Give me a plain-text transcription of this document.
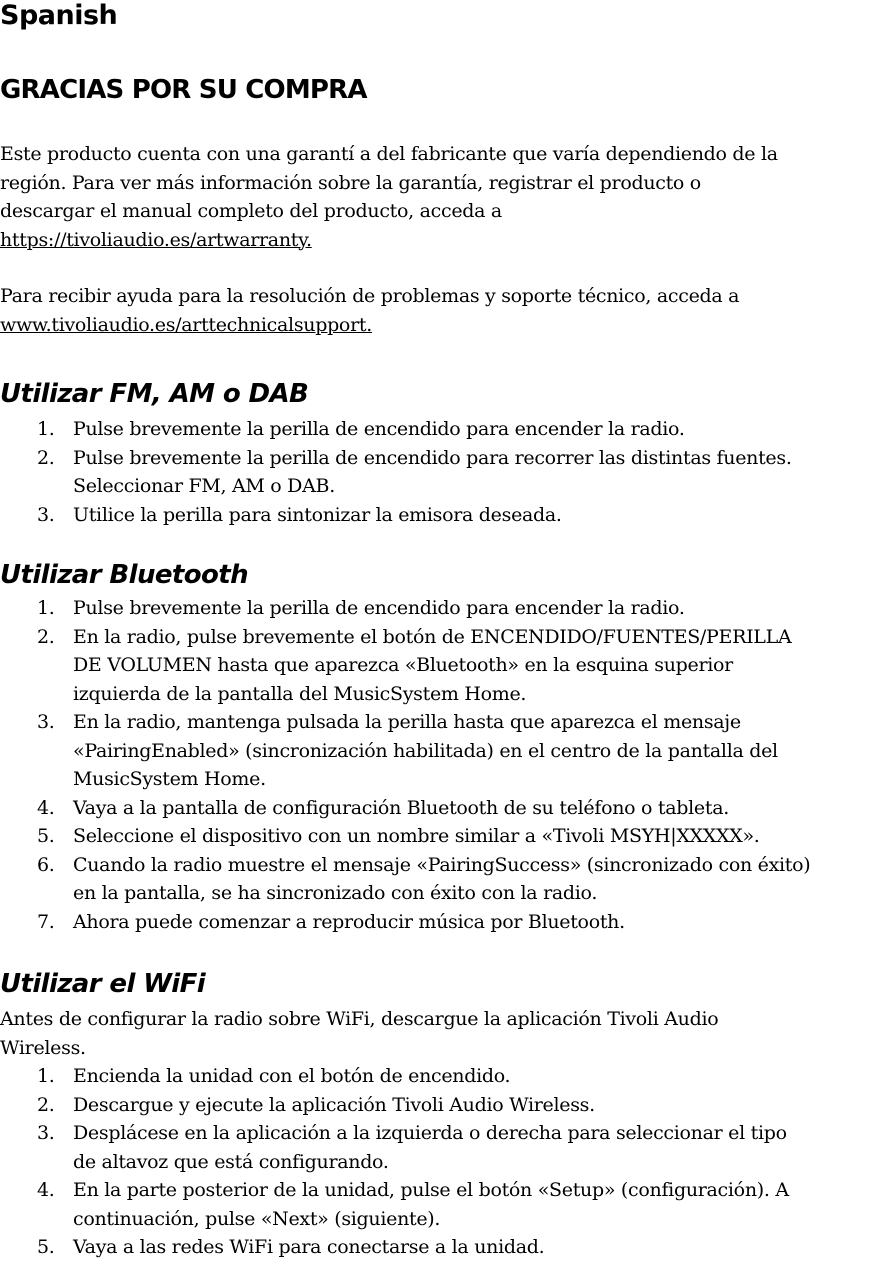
Spanish
GRACIAS POR SU COMPRA
Este producto cuenta con una garantí a del fabricante que varía dependiendo de la
región. Para ver más información sobre la garantía, registrar el producto o
descargar el manual completo del producto, acceda a
https://tivoliaudio.es/artwarranty.
Para recibir ayuda para la resolución de problemas y soporte técnico, acceda a
www.tivoliaudio.es/arttechnicalsupport.
Utilizar FM, AM o DAB
1. Pulse brevemente la perilla de encendido para encender la radio.
2. Pulse brevemente la perilla de encendido para recorrer las distintas fuentes.
Seleccionar FM, AM o DAB.
3. Utilice la perilla para sintonizar la emisora deseada.
Utilizar Bluetooth
1. Pulse brevemente la perilla de encendido para encender la radio.
2. En la radio, pulse brevemente el botón de ENCENDIDO/FUENTES/PERILLA
DE VOLUMEN hasta que aparezca «Bluetooth» en la esquina superior
izquierda de la pantalla del MusicSystem Home.
3. En la radio, mantenga pulsada la perilla hasta que aparezca el mensaje
«PairingEnabled» (sincronización habilitada) en el centro de la pantalla del
MusicSystem Home.
4. Vaya a la pantalla de configuración Bluetooth de su teléfono o tableta.
5. Seleccione el dispositivo con un nombre similar a «Tivoli MSYH|XXXXX».
6. Cuando la radio muestre el mensaje «PairingSuccess» (sincronizado con éxito)
en la pantalla, se ha sincronizado con éxito con la radio.
7. Ahora puede comenzar a reproducir música por Bluetooth.
Utilizar el WiFi
Antes de configurar la radio sobre WiFi, descargue la aplicación Tivoli Audio
Wireless.
1. Encienda la unidad con el botón de encendido.
2. Descargue y ejecute la aplicación Tivoli Audio Wireless.
3. Desplácese en la aplicación a la izquierda o derecha para seleccionar el tipo
de altavoz que está configurando.
4. En la parte posterior de la unidad, pulse el botón «Setup» (configuración). A
continuación, pulse «Next» (siguiente).
5. Vaya a las redes WiFi para conectarse a la unidad.
